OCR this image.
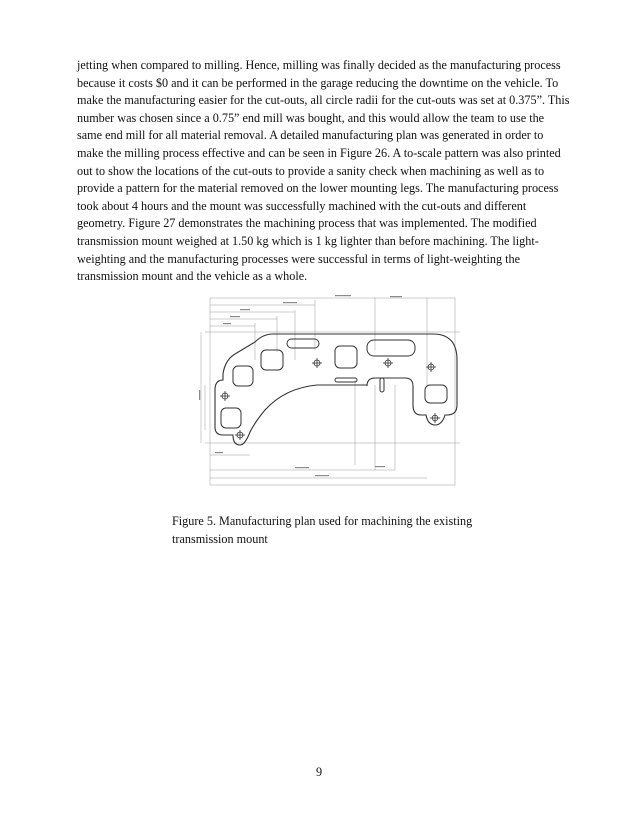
jetting when compared to milling. Hence, milling was finally decided as the manufacturing process
because it costs $0 and it can be performed in the garage reducing the downtime on the vehicle. To
make the manufacturing easier for the cut-outs, all circle radii for the cut-outs was set at 0.375”. This
number was chosen since a 0.75” end mill was bought, and this would allow the team to use the
same end mill for all material removal. A detailed manufacturing plan was generated in order to
make the milling process effective and can be seen in Figure 26. A to-scale pattern was also printed
out to show the locations of the cut-outs to provide a sanity check when machining as well as to
provide a pattern for the material removed on the lower mounting legs. The manufacturing process
took about 4 hours and the mount was successfully machined with the cut-outs and different
geometry. Figure 27 demonstrates the machining process that was implemented. The modified
transmission mount weighed at 1.50 kg which is 1 kg lighter than before machining. The light-
weighting and the manufacturing processes were successful in terms of light-weighting the
transmission mount and the vehicle as a whole.

Figure 5. Manufacturing plan used for machining the existing
transmission mount
9
